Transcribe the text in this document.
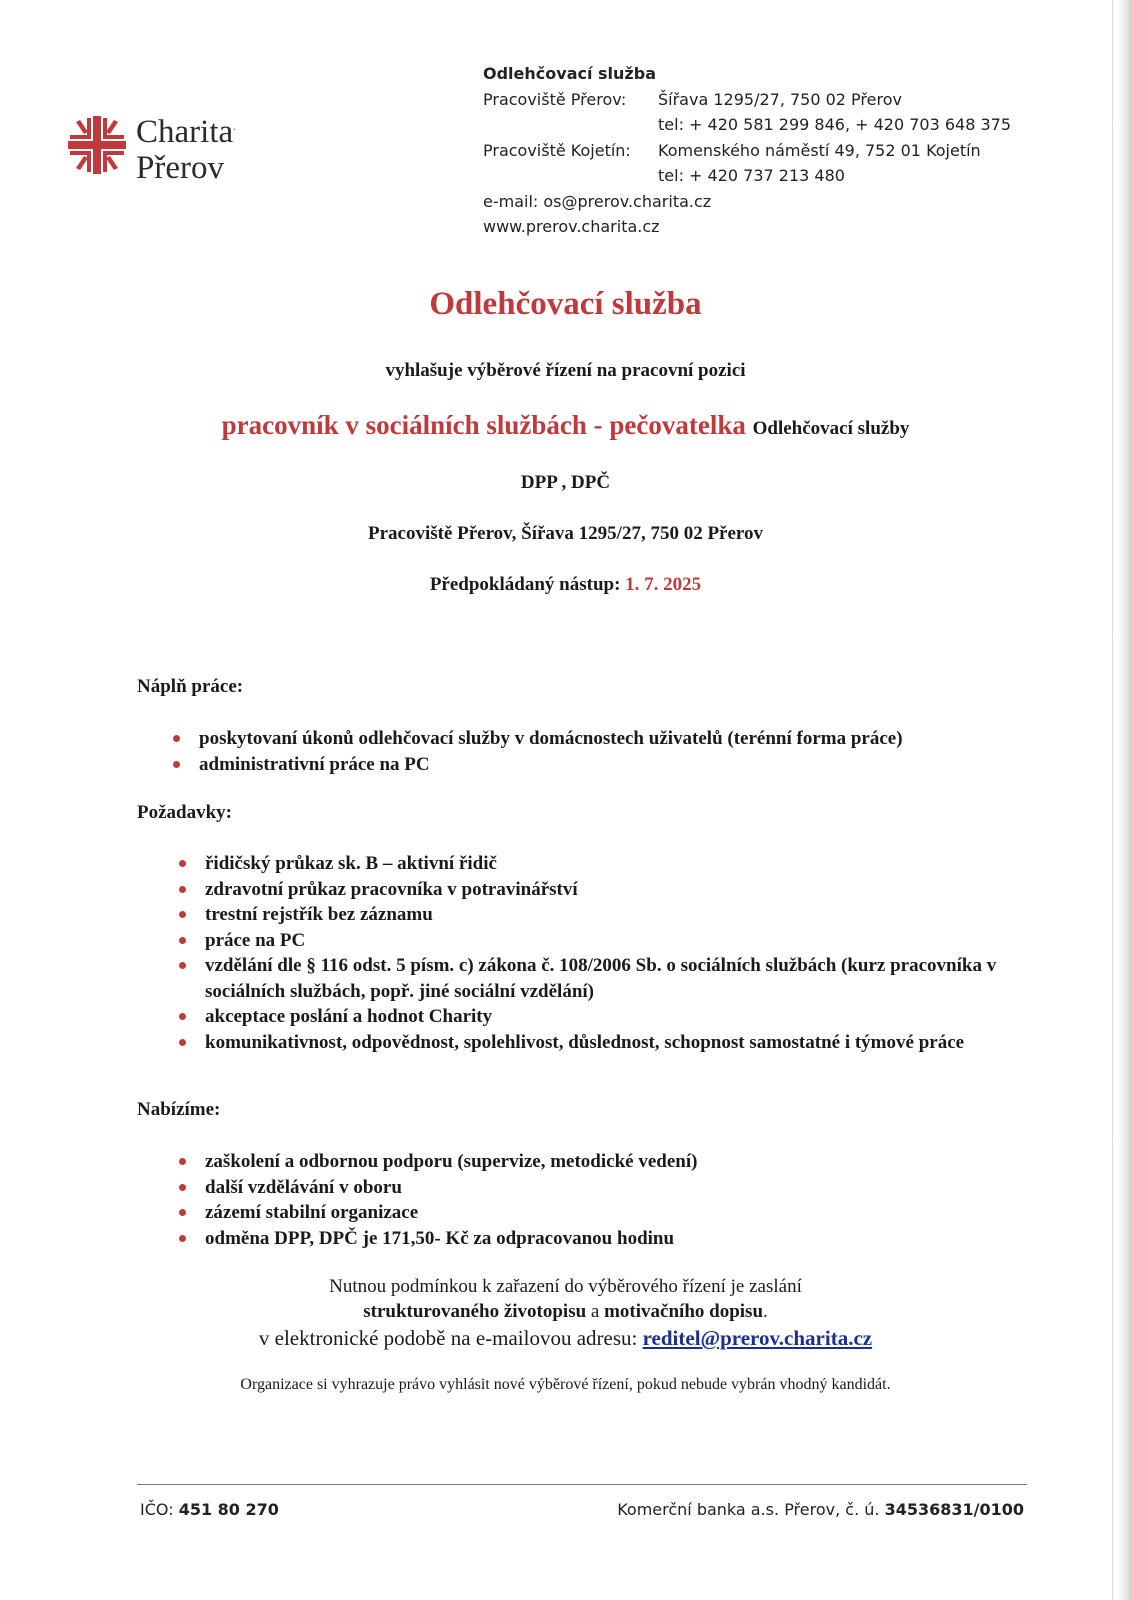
Charita.
Přerov
Odlehčovací služba
Pracoviště Přerov:	Šířava 1295/27, 750 02 Přerov
tel: + 420 581 299 846, + 420 703 648 375
Pracoviště Kojetín:	Komenského náměstí 49, 752 01 Kojetín
tel: + 420 737 213 480
e-mail: os@prerov.charita.cz
www.prerov.charita.cz
Odlehčovací služba
vyhlašuje výběrové řízení na pracovní pozici
pracovník v sociálních službách - pečovatelka Odlehčovací služby
DPP , DPČ
Pracoviště Přerov, Šířava 1295/27, 750 02 Přerov
Předpokládaný nástup: 1. 7. 2025
Náplň práce:
poskytovaní úkonů odlehčovací služby v domácnostech uživatelů (terénní forma práce)
administrativní práce na PC
Požadavky:
řidičský průkaz sk. B – aktivní řidič
zdravotní průkaz pracovníka v potravinářství
trestní rejstřík bez záznamu
práce na PC
vzdělání dle § 116 odst. 5 písm. c) zákona č. 108/2006 Sb. o sociálních službách (kurz pracovníka v sociálních službách, popř. jiné sociální vzdělání)
akceptace poslání a hodnot Charity
komunikativnost, odpovědnost, spolehlivost, důslednost, schopnost samostatné i týmové práce
Nabízíme:
zaškolení a odbornou podporu (supervize, metodické vedení)
další vzdělávání v oboru
zázemí stabilní organizace
odměna DPP, DPČ je 171,50- Kč za odpracovanou hodinu
Nutnou podmínkou k zařazení do výběrového řízení je zaslání
strukturovaného životopisu a motivačního dopisu.
v elektronické podobě na e-mailovou adresu: reditel@prerov.charita.cz
Organizace si vyhrazuje právo vyhlásit nové výběrové řízení, pokud nebude vybrán vhodný kandidát.
IČO: 451 80 270	Komerční banka a.s. Přerov, č. ú. 34536831/0100
